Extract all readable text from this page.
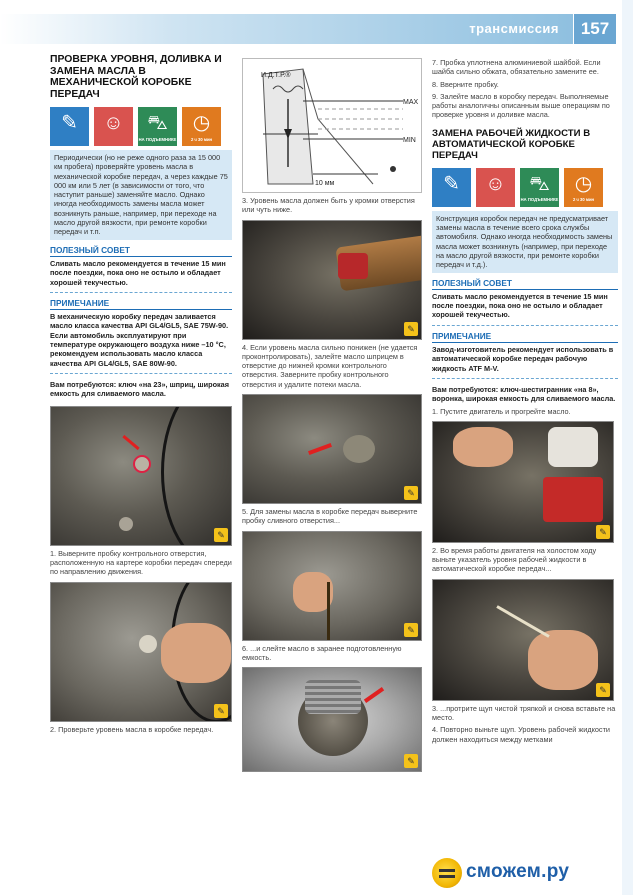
трансмиссия	157
ПРОВЕРКА УРОВНЯ, ДОЛИВКА И ЗАМЕНА МАСЛА В МЕХАНИЧЕСКОЙ КОРОБКЕ ПЕРЕДАЧ
✎	☺	⛍
НА ПОДЪЕМНИКЕ
◷
2 ч 30 мин
Периодически (но не реже одного раза за 15 000 км пробега) проверяйте уровень масла в механической коробке передач, а через каждые 75 000 км или 5 лет (в зависимости от того, что наступит раньше) заменяйте масло. Однако иногда необходимость замены масла может возникнуть раньше, например, при переходе на масло другой вязкости, при ремонте коробки передач и т.п.
ПОЛЕЗНЫЙ СОВЕТ
Сливать масло рекомендуется в течение 15 мин после поездки, пока оно не остыло и обладает хорошей текучестью.
ПРИМЕЧАНИЕ
В механическую коробку передач заливается масло класса качества API GL4/GL5, SAE 75W-90. Если автомобиль эксплуатируют при температуре окружающего воздуха ниже –10 °С, рекомендуем использовать масло класса качества API GL4/GL5, SAE 80W-90.
Вам потребуются: ключ «на 23», шприц, широкая емкость для сливаемого масла.
✎
1. Выверните пробку контрольного отверстия, расположенную на картере коробки передач спереди по направлению движения.
✎
2. Проверьте уровень масла в коробке передач.
И.Д.Т.Р.®
MAX
MIN
10 мм
3. Уровень масла должен быть у кромки отверстия или чуть ниже.
✎
4. Если уровень масла сильно понижен (не удается проконтролировать), залейте масло шприцем в отверстие до нижней кромки контрольного отверстия. Заверните пробку контрольного отверстия и удалите потеки масла.
✎
5. Для замены масла в коробке передач выверните пробку сливного отверстия...
✎
6. ...и слейте масло в заранее подготовленную емкость.
✎
7. Пробка уплотнена алюминиевой шайбой. Если шайба сильно обжата, обязательно замените ее.
8. Вверните пробку.
9. Залейте масло в коробку передач. Выполняемые работы аналогичны описанным выше операциям по проверке уровня и доливке масла.
ЗАМЕНА РАБОЧЕЙ ЖИДКОСТИ В АВТОМАТИЧЕСКОЙ КОРОБКЕ ПЕРЕДАЧ
✎	☺	⛍
НА ПОДЪЕМНИКЕ
◷
2 ч 30 мин
Конструкция коробок передач не предусматривает замены масла в течение всего срока службы автомобиля. Однако иногда необходимость замены масла может возникнуть (например, при переходе на масло другой вязкости, при ремонте коробки передач и т.д.).
ПОЛЕЗНЫЙ СОВЕТ
Сливать масло рекомендуется в течение 15 мин после поездки, пока оно не остыло и обладает хорошей текучестью.
ПРИМЕЧАНИЕ
Завод-изготовитель рекомендует использовать в автоматической коробке передач рабочую жидкость ATF M-V.
Вам потребуются: ключ-шестигранник «на 8», воронка, широкая емкость для сливаемого масла.
1. Пустите двигатель и прогрейте масло.
✎
2. Во время работы двигателя на холостом ходу выньте указатель уровня рабочей жидкости в автоматической коробке передач...
✎
3. ...протрите щуп чистой тряпкой и снова вставьте на место.
4. Повторно выньте щуп. Уровень рабочей жидкости должен находиться между метками
сможем.ру
